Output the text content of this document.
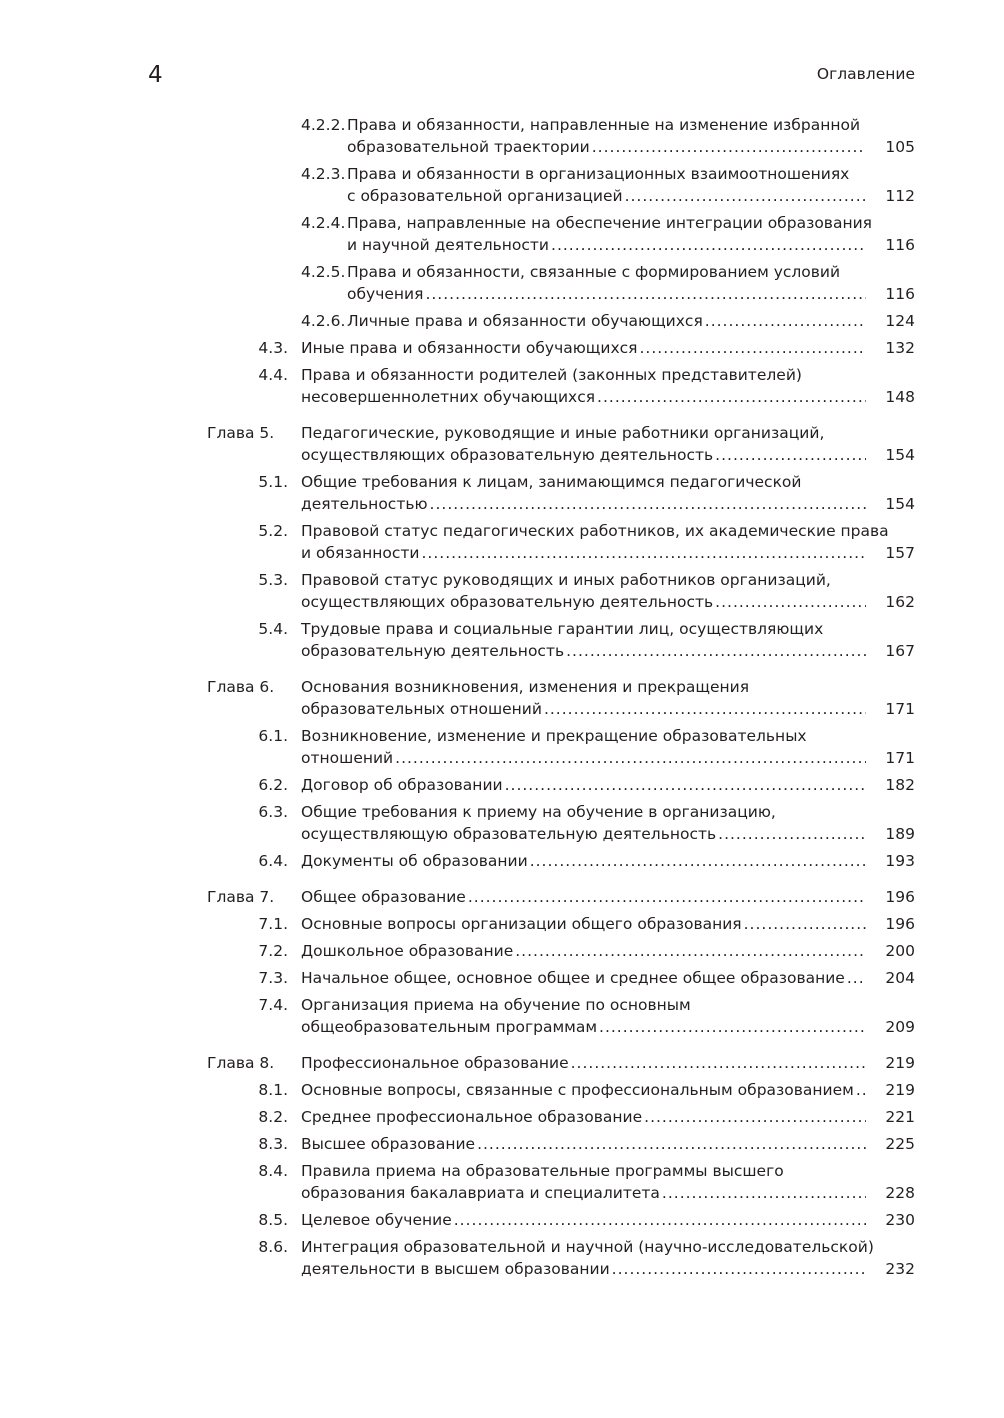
4	Оглавление
4.2.2. Права и обязанности, направленные на изменение избранной
образовательной траектории .....	105
4.2.3. Права и обязанности в организационных взаимоотношениях
с образовательной организацией .....	112
4.2.4. Права, направленные на обеспечение интеграции образования
и научной деятельности .....	116
4.2.5. Права и обязанности, связанные с формированием условий
обучения .....	116
4.2.6. Личные права и обязанности обучающихся .....	124
4.3. Иные права и обязанности обучающихся .....	132
4.4. Права и обязанности родителей (законных представителей)
несовершеннолетних обучающихся .....	148
Глава 5. Педагогические, руководящие и иные работники организаций,
осуществляющих образовательную деятельность .....	154
5.1. Общие требования к лицам, занимающимся педагогической
деятельностью .....	154
5.2. Правовой статус педагогических работников, их академические права
и обязанности .....	157
5.3. Правовой статус руководящих и иных работников организаций,
осуществляющих образовательную деятельность .....	162
5.4. Трудовые права и социальные гарантии лиц, осуществляющих
образовательную деятельность .....	167
Глава 6. Основания возникновения, изменения и прекращения
образовательных отношений .....	171
6.1. Возникновение, изменение и прекращение образовательных
отношений .....	171
6.2. Договор об образовании .....	182
6.3. Общие требования к приему на обучение в организацию,
осуществляющую образовательную деятельность .....	189
6.4. Документы об образовании .....	193
Глава 7. Общее образование .....	196
7.1. Основные вопросы организации общего образования .....	196
7.2. Дошкольное образование .....	200
7.3. Начальное общее, основное общее и среднее общее образование .....	204
7.4. Организация приема на обучение по основным
общеобразовательным программам .....	209
Глава 8. Профессиональное образование .....	219
8.1. Основные вопросы, связанные с профессиональным образованием ..... 219
8.2. Среднее профессиональное образование .....	221
8.3. Высшее образование .....	225
8.4. Правила приема на образовательные программы высшего
образования бакалавриата и специалитета .....	228
8.5. Целевое обучение .....	230
8.6. Интеграция образовательной и научной (научно-исследовательской)
деятельности в высшем образовании .....	232
